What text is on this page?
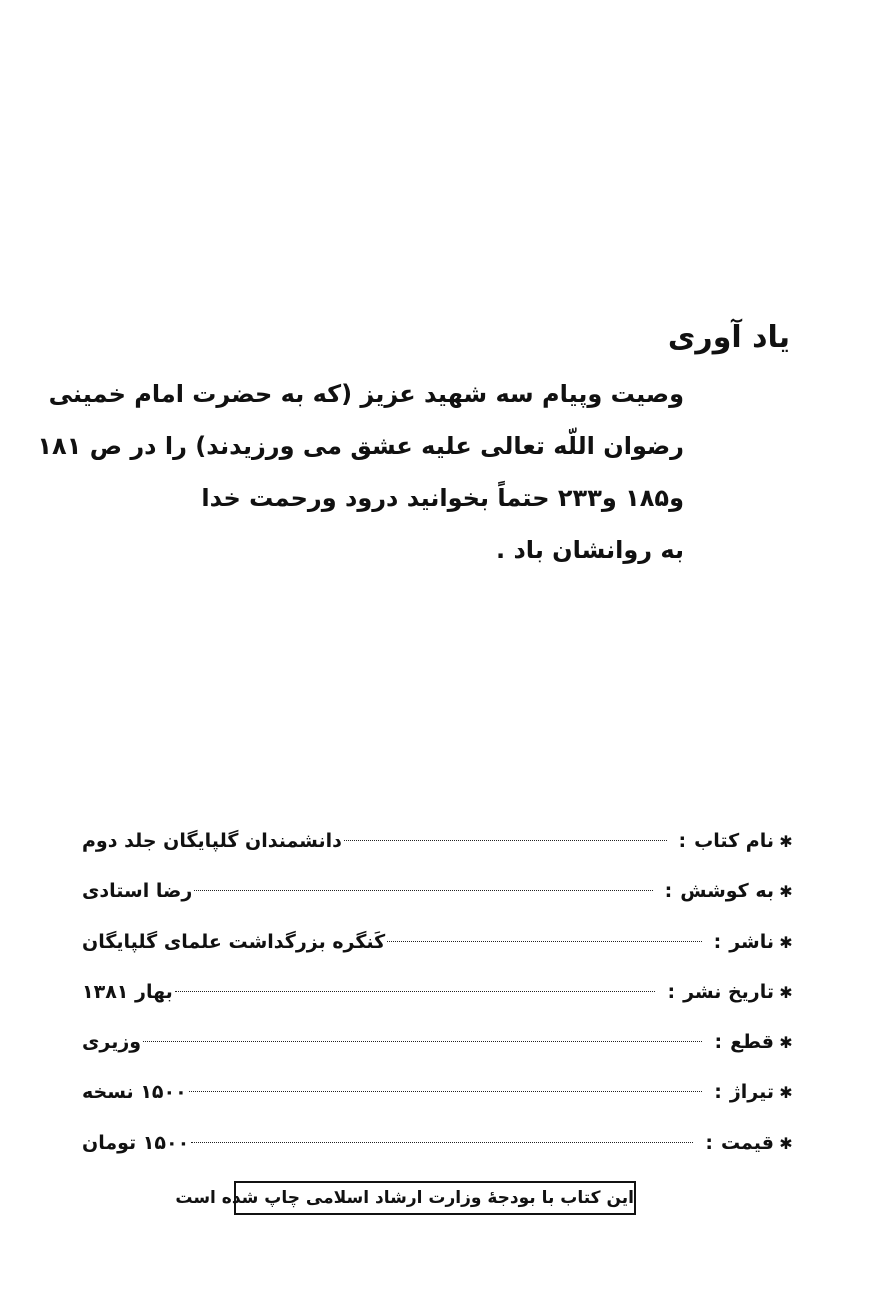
یاد آوری
وصیت وپیام سه شهید عزیز (که به حضرت امام خمینی
رضوان اللّه تعالی علیه عشق می ورزیدند) را در ص ۱۸۱
و۱۸۵ و۲۳۳ حتماً بخوانید درود ورحمت خدا
به روانشان باد .
✱
نام کتاب
:
دانشمندان گلپایگان جلد دوم
✱
به کوشش
:
رضا استادی
✱
ناشر
:
کَنگره بزرگداشت علمای گلپایگان
✱
تاریخ نشر
:
بهار ۱۳۸۱
✱
قطع
:
وزیری
✱
تیراژ
:
۱۵۰۰ نسخه
✱
قیمت
:
۱۵۰۰ تومان
این کتاب با بودجهٔ وزارت ارشاد اسلامی چاپ شده است
